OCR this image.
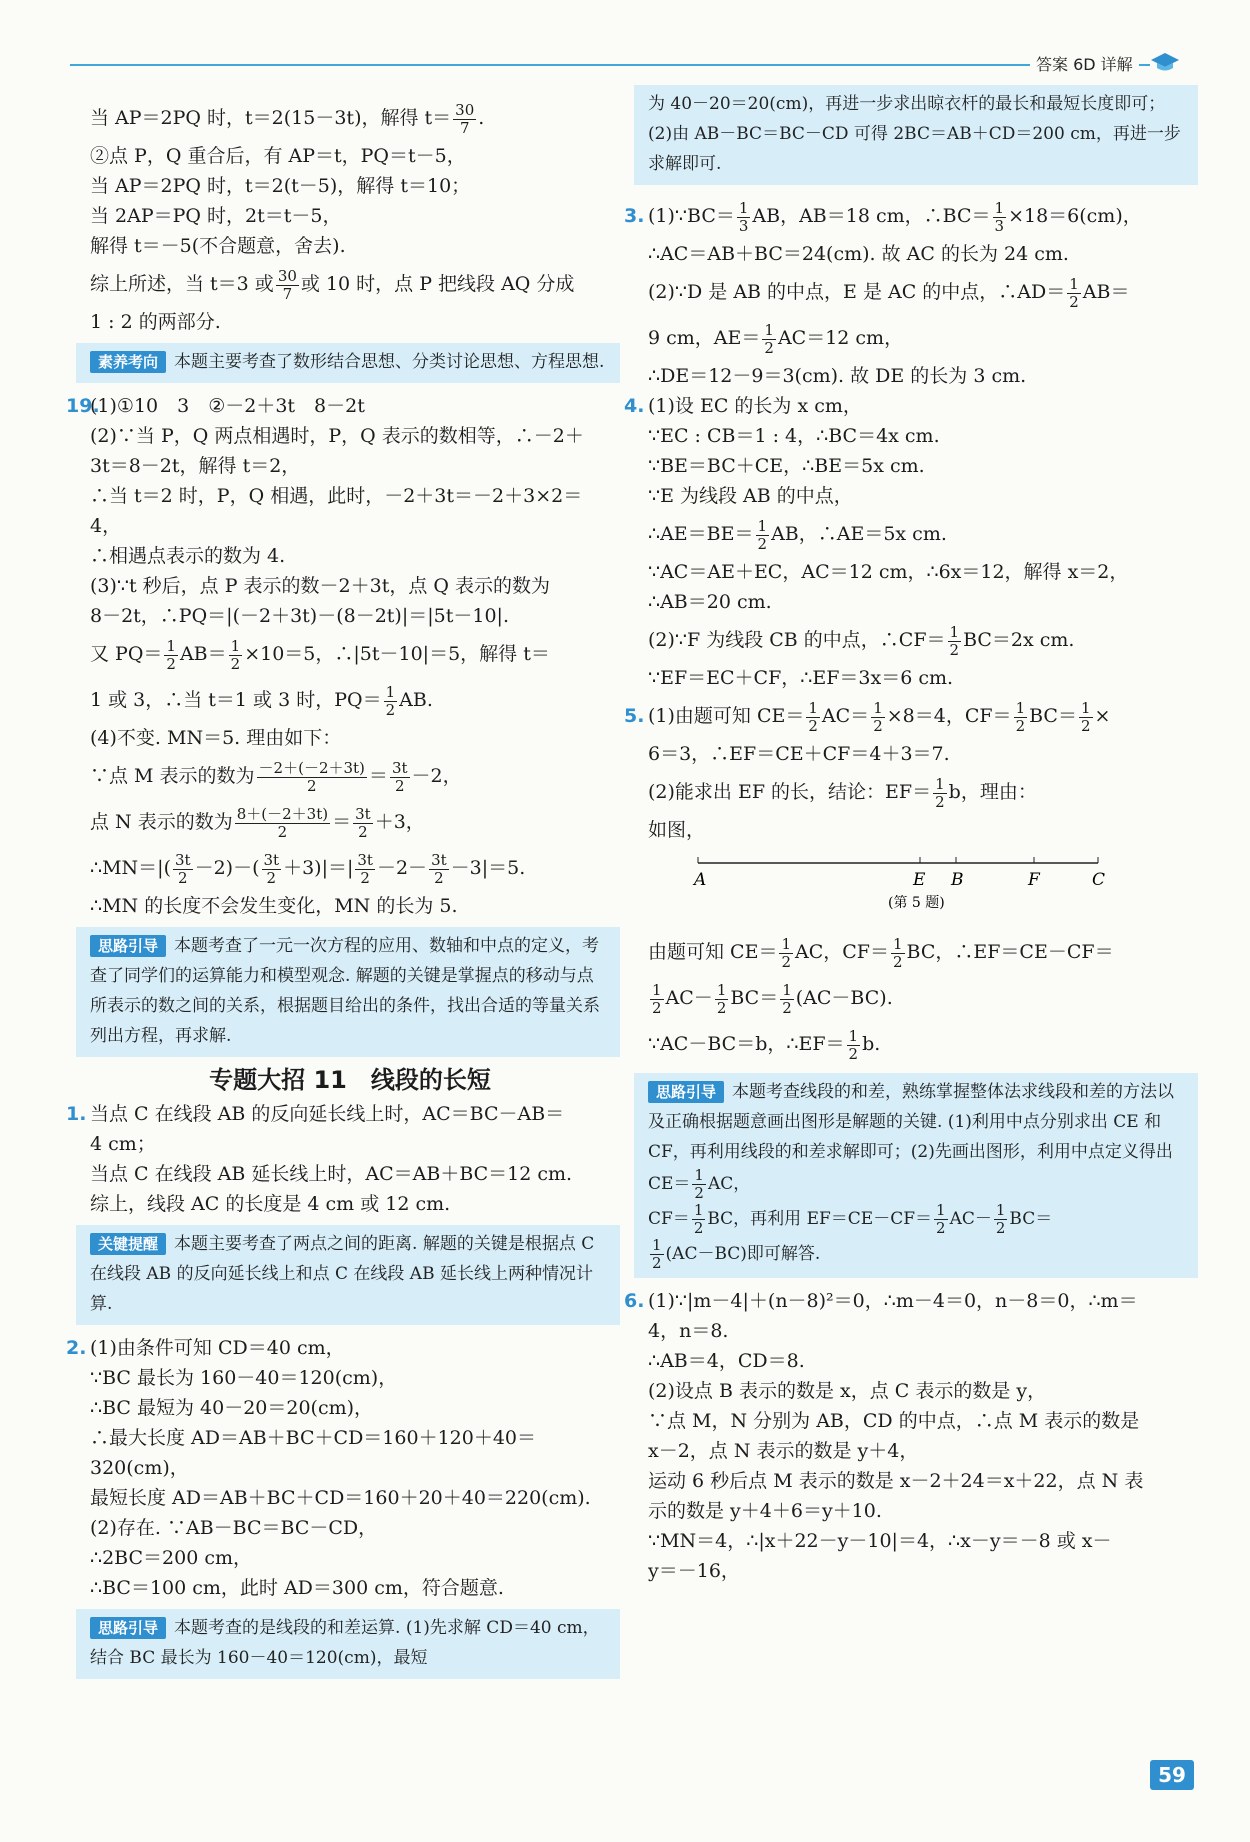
答案 6D 详解

当 AP＝2PQ 时，t＝2(15－3t)，解得 $t= \frac{30}{7}$ .

②点 P，Q 重合后，有 AP＝t，PQ＝t－5，

当 AP＝2PQ 时，t＝2(t－5)，解得 t＝10；

当 2AP＝PQ 时，2t＝t－5，

解得 t＝－5(不合题意，舍去).

综上所述，当 t＝3 或 $\frac{30}{7}$ 或 10 时，点 P 把线段 AQ 分成

1 : 2 的两部分.

素养考向 本题主要考查了数形结合思想、分类讨论思想、方程思想.

19.(1)①10　3　②－2＋3t　8－2t

(2)∵当 P，Q 两点相遇时，P，Q 表示的数相等，∴－2＋

3t＝8－2t，解得 t＝2，

∴当 t＝2 时，P，Q 相遇，此时，－2＋3t＝－2＋3×2＝4，

∴相遇点表示的数为 4.

(3)∵t 秒后，点 P 表示的数－2＋3t，点 Q 表示的数为

8－2t，∴PQ＝|(－2＋3t)－(8－2t)|＝|5t－10|.

又 $PQ= \frac{1}{2} AB= \frac{1}{2} \times 10=5$，∴|5t－10|＝5，解得 t＝

1 或 3，∴当 t＝1 或 3 时，$PQ= \frac{1}{2}$ AB.

(4)不变. MN＝5. 理由如下：

∵点 M 表示的数为 $\frac{-2+(-2+3t)}{2} = \frac{3t}{2} -2$，

点 N 表示的数为 $\frac{8+(-2+3t)}{2} = \frac{3t}{2} +3$，

∴MN＝|( $\frac{3t}{2} -2)-( \frac{3t}{2} +3)|=| \frac{3t}{2} -2- \frac{3t}{2} -3|=5$.

∴MN 的长度不会发生变化，MN 的长为 5.

思路引导 本题考查了一元一次方程的应用、数轴和中点的定义，考查了同学们的运算能力和模型观念. 解题的关键是掌握点的移动与点所表示的数之间的关系，根据题目给出的条件，找出合适的等量关系列出方程，再求解.
专题大招 11　线段的长短

1. 当点 C 在线段 AB 的反向延长线上时，AC＝BC－AB＝

4 cm；

当点 C 在线段 AB 延长线上时，AC＝AB＋BC＝12 cm.

综上，线段 AC 的长度是 4 cm 或 12 cm.

关键提醒 本题主要考查了两点之间的距离. 解题的关键是根据点 C 在线段 AB 的反向延长线上和点 C 在线段 AB 延长线上两种情况计算.

2. (1)由条件可知 CD＝40 cm，

∵BC 最长为 160－40＝120(cm)，

∴BC 最短为 40－20＝20(cm)，

∴最大长度 AD＝AB＋BC＋CD＝160＋120＋40＝320(cm)，

最短长度 AD＝AB＋BC＋CD＝160＋20＋40＝220(cm).

(2)存在. ∵AB－BC＝BC－CD，

∴2BC＝200 cm，

∴BC＝100 cm，此时 AD＝300 cm，符合题意.

思路引导 本题考查的是线段的和差运算. (1)先求解 CD＝40 cm，结合 BC 最长为 160－40＝120(cm)，最短
为 40－20＝20(cm)，再进一步求出晾衣杆的最长和最短长度即可；(2)由 AB－BC＝BC－CD 可得 2BC＝AB＋CD＝200 cm，再进一步求解即可.

3. (1)∵BC＝ $\frac{1}{3}$ AB，AB＝18 cm，∴BC＝ $\frac{1}{3} \times 18=6(cm)$，

∴AC＝AB＋BC＝24(cm). 故 AC 的长为 24 cm.

(2)∵D 是 AB 的中点，E 是 AC 的中点，∴AD＝ $\frac{1}{2} AB=$

9 cm，$AE= \frac{1}{2} AC=12$ cm，

∴DE＝12－9＝3(cm). 故 DE 的长为 3 cm.

4. (1)设 EC 的长为 x cm，

∵EC : CB＝1 : 4，∴BC＝4x cm.

∵BE＝BC＋CE，∴BE＝5x cm.

∵E 为线段 AB 的中点，

∴AE＝BE＝ $\frac{1}{2}$ AB，∴AE＝5x cm.

∵AC＝AE＋EC，AC＝12 cm，∴6x＝12，解得 x＝2，

∴AB＝20 cm.

(2)∵F 为线段 CB 的中点，∴CF＝ $\frac{1}{2} BC=2x$ cm.

∵EF＝EC＋CF，∴EF＝3x＝6 cm.

5. (1)由题可知 $CE= \frac{1}{2} AC= \frac{1}{2} \times 8=4$，$CF= \frac{1}{2} BC= \frac{1}{2}$ ×

6＝3，∴EF＝CE＋CF＝4＋3＝7.

(2)能求出 EF 的长，结论：$EF= \frac{1}{2}$ b，理由：

如图，

A	E B	F	C
(第 5 题)

由题可知 $CE= \frac{1}{2}$ AC，$CF= \frac{1}{2}$ BC，∴EF＝CE－CF＝

$\frac{1}{2} AC- \frac{1}{2} BC= \frac{1}{2} (AC-BC)$.

∵AC－BC＝b，∴EF＝ $\frac{1}{2} b$.

思路引导 本题考查线段的和差，熟练掌握整体法求线段和差的方法以及正确根据题意画出图形是解题的关键. (1)利用中点分别求出 CE 和 CF，再利用线段的和差求解即可；(2)先画出图形，利用中点定义得出 $CE= \frac{1}{2}$ AC，
$CF= \frac{1}{2}$ BC，再利用 $EF=CE-CF= \frac{1}{2} AC- \frac{1}{2} BC=$

$\frac{1}{2} (AC-BC)$即可解答.

6. (1)∵|m－4|＋(n－8)²＝0，∴m－4＝0，n－8＝0，∴m＝

4，n＝8.

∴AB＝4，CD＝8.

(2)设点 B 表示的数是 x，点 C 表示的数是 y，

∵点 M，N 分别为 AB，CD 的中点，∴点 M 表示的数是

x－2，点 N 表示的数是 y＋4，

运动 6 秒后点 M 表示的数是 x－2＋24＝x＋22，点 N 表

示的数是 y＋4＋6＝y＋10.

∵MN＝4，∴|x＋22－y－10|＝4，∴x－y＝－8 或 x－

y＝－16，

59
